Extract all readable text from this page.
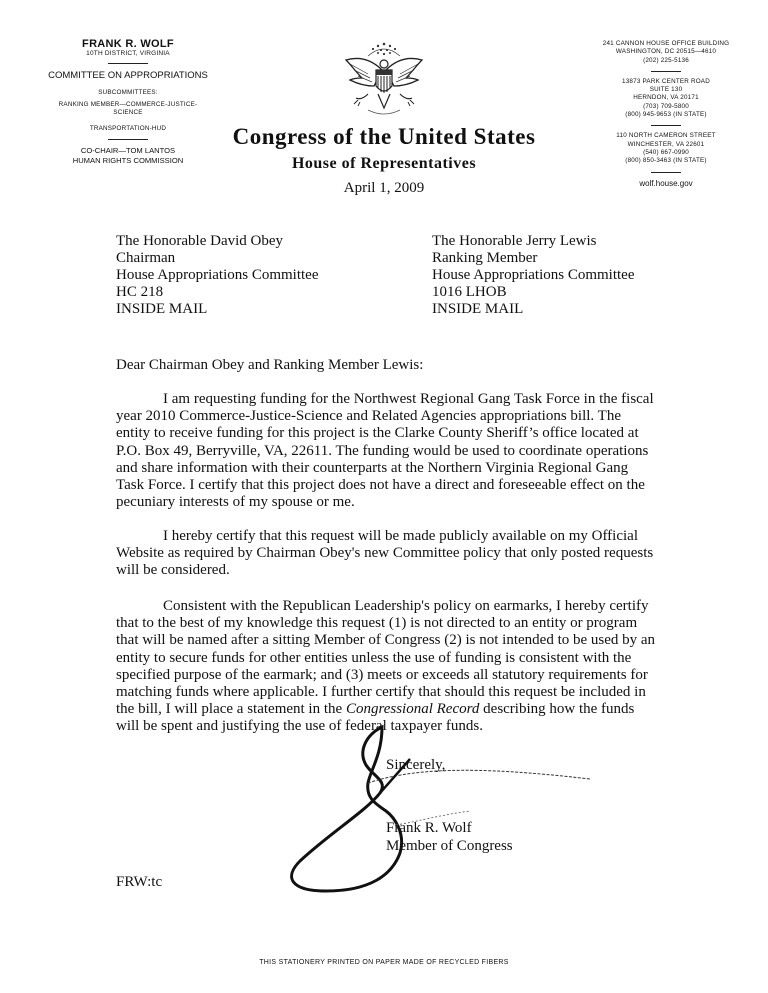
FRANK R. WOLF
10TH DISTRICT, VIRGINIA
COMMITTEE ON APPROPRIATIONS
SUBCOMMITTEES:
RANKING MEMBER—COMMERCE-JUSTICE-
SCIENCE
TRANSPORTATION-HUD
CO-CHAIR—TOM LANTOS
HUMAN RIGHTS COMMISSION
241 CANNON HOUSE OFFICE BUILDING
WASHINGTON, DC 20515—4610
(202) 225-5136
13873 PARK CENTER ROAD
SUITE 130
HERNDON, VA 20171
(703) 709-5800
(800) 945-9653 (IN STATE)
110 NORTH CAMERON STREET
WINCHESTER, VA 22601
(540) 667-0990
(800) 850-3463 (IN STATE)
wolf.house.gov
Congress of the United States
House of Representatives
April 1, 2009
The Honorable David Obey
Chairman
House Appropriations Committee
HC 218
INSIDE MAIL
The Honorable Jerry Lewis
Ranking Member
House Appropriations Committee
1016 LHOB
INSIDE MAIL
Dear Chairman Obey and Ranking Member Lewis:
I am requesting funding for the Northwest Regional Gang Task Force in the fiscal year 2010 Commerce-Justice-Science and Related Agencies appropriations bill. The entity to receive funding for this project is the Clarke County Sheriff’s office located at P.O. Box 49, Berryville, VA, 22611. The funding would be used to coordinate operations and share information with their counterparts at the Northern Virginia Regional Gang Task Force. I certify that this project does not have a direct and foreseeable effect on the pecuniary interests of my spouse or me.
I hereby certify that this request will be made publicly available on my Official Website as required by Chairman Obey's new Committee policy that only posted requests will be considered.
Consistent with the Republican Leadership's policy on earmarks, I hereby certify that to the best of my knowledge this request (1) is not directed to an entity or program that will be named after a sitting Member of Congress (2) is not intended to be used by an entity to secure funds for other entities unless the use of funding is consistent with the specified purpose of the earmark; and (3) meets or exceeds all statutory requirements for matching funds where applicable. I further certify that should this request be included in the bill, I will place a statement in the Congressional Record describing how the funds will be spent and justifying the use of federal taxpayer funds.
Sincerely,
Frank R. Wolf
Member of Congress
FRW:tc
THIS STATIONERY PRINTED ON PAPER MADE OF RECYCLED FIBERS
